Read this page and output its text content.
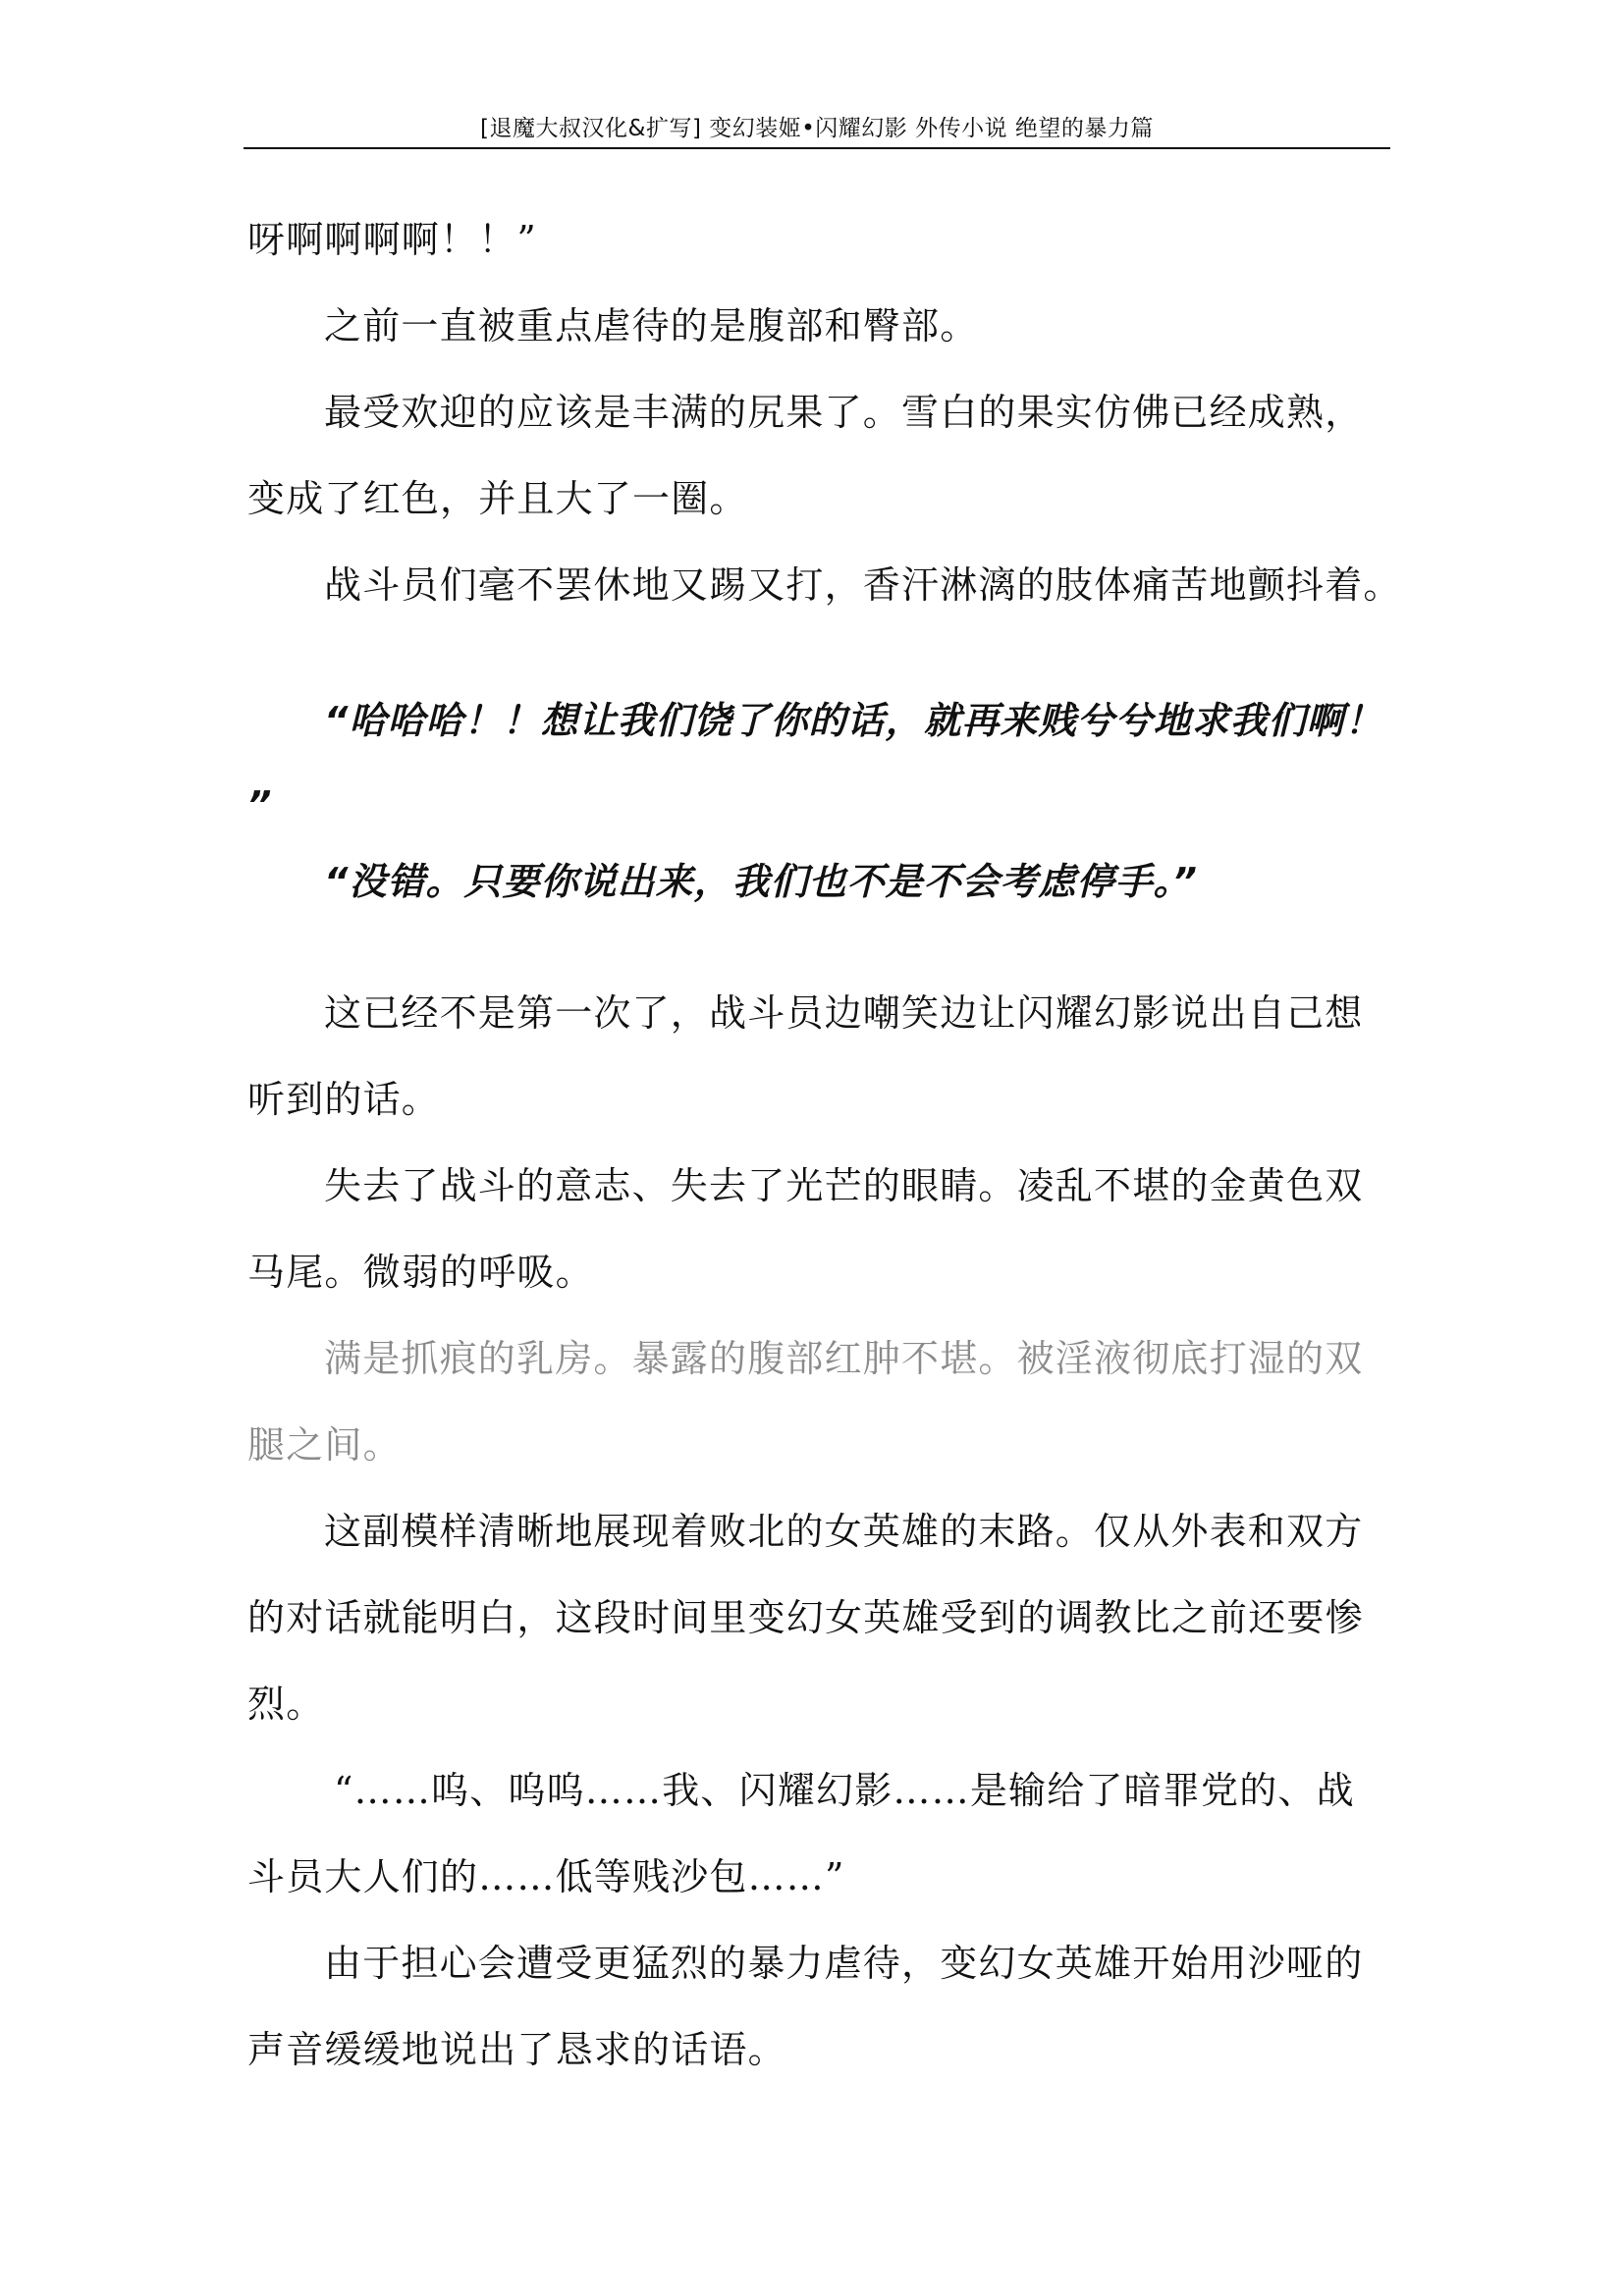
[退魔大叔汉化&扩写] 变幻装姬•闪耀幻影 外传小说 绝望的暴力篇
呀啊啊啊啊！！”
之前一直被重点虐待的是腹部和臀部。
最受欢迎的应该是丰满的尻果了。雪白的果实仿佛已经成熟，
变成了红色，并且大了一圈。
战斗员们毫不罢休地又踢又打，香汗淋漓的肢体痛苦地颤抖着。
“哈哈哈！！想让我们饶了你的话，就再来贱兮兮地求我们啊！
”
“没错。只要你说出来，我们也不是不会考虑停手。”
这已经不是第一次了，战斗员边嘲笑边让闪耀幻影说出自己想
听到的话。
失去了战斗的意志、失去了光芒的眼睛。凌乱不堪的金黄色双
马尾。微弱的呼吸。
满是抓痕的乳房。暴露的腹部红肿不堪。被淫液彻底打湿的双
腿之间。
这副模样清晰地展现着败北的女英雄的末路。仅从外表和双方
的对话就能明白，这段时间里变幻女英雄受到的调教比之前还要惨
烈。
“……呜、呜呜……我、闪耀幻影……是输给了暗罪党的、战
斗员大人们的……低等贱沙包……”
由于担心会遭受更猛烈的暴力虐待，变幻女英雄开始用沙哑的
声音缓缓地说出了恳求的话语。
